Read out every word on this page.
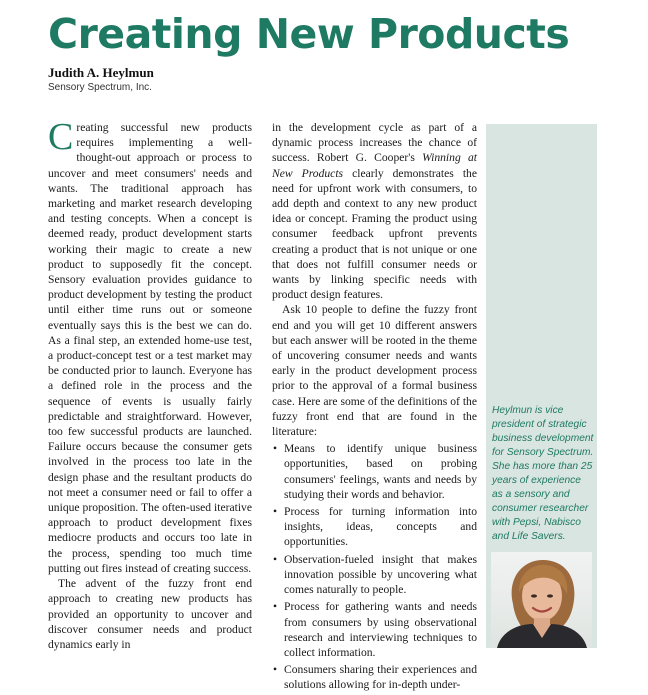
Creating New Products
Judith A. Heylmun
Sensory Spectrum, Inc.

Creating successful new products requires implementing a well-thought-out approach or process to uncover and meet consumers' needs and wants. The traditional approach has marketing and market research developing and testing concepts. When a concept is deemed ready, product development starts working their magic to create a new product to supposedly fit the concept. Sensory evaluation provides guidance to product development by testing the product until either time runs out or someone eventually says this is the best we can do. As a final step, an extended home-use test, a product-concept test or a test market may be conducted prior to launch. Everyone has a defined role in the process and the sequence of events is usually fairly predictable and straightforward. However, too few successful products are launched. Failure occurs because the consumer gets involved in the process too late in the design phase and the resultant products do not meet a consumer need or fail to offer a unique proposition. The often-used iterative approach to product development fixes mediocre products and occurs too late in the process, spending too much time putting out fires instead of creating success.

The advent of the fuzzy front end approach to creating new products has provided an opportunity to uncover and discover consumer needs and product dynamics early in

in the development cycle as part of a dynamic process increases the chance of success. Robert G. Cooper's Winning at New Products clearly demonstrates the need for upfront work with consumers, to add depth and context to any new product idea or concept. Framing the product using consumer feedback upfront prevents creating a product that is not unique or one that does not fulfill consumer needs or wants by linking specific needs with product design features.

Ask 10 people to define the fuzzy front end and you will get 10 different answers but each answer will be rooted in the theme of uncovering consumer needs and wants early in the product development process prior to the approval of a formal business case. Here are some of the definitions of the fuzzy front end that are found in the literature:

• Means to identify unique business opportunities, based on probing consumers' feelings, wants and needs by studying their words and behavior.
• Process for turning information into insights, ideas, concepts and opportunities.
• Observation-fueled insight that makes innovation possible by uncovering what comes naturally to people.
• Process for gathering wants and needs from consumers by using observational research and interviewing techniques to collect information.
• Consumers sharing their experiences and solutions allowing for in-depth under-
Heylmun is vice president of strategic business development for Sensory Spectrum. She has more than 25 years of experience as a sensory and consumer researcher with Pepsi, Nabisco and Life Savers.
